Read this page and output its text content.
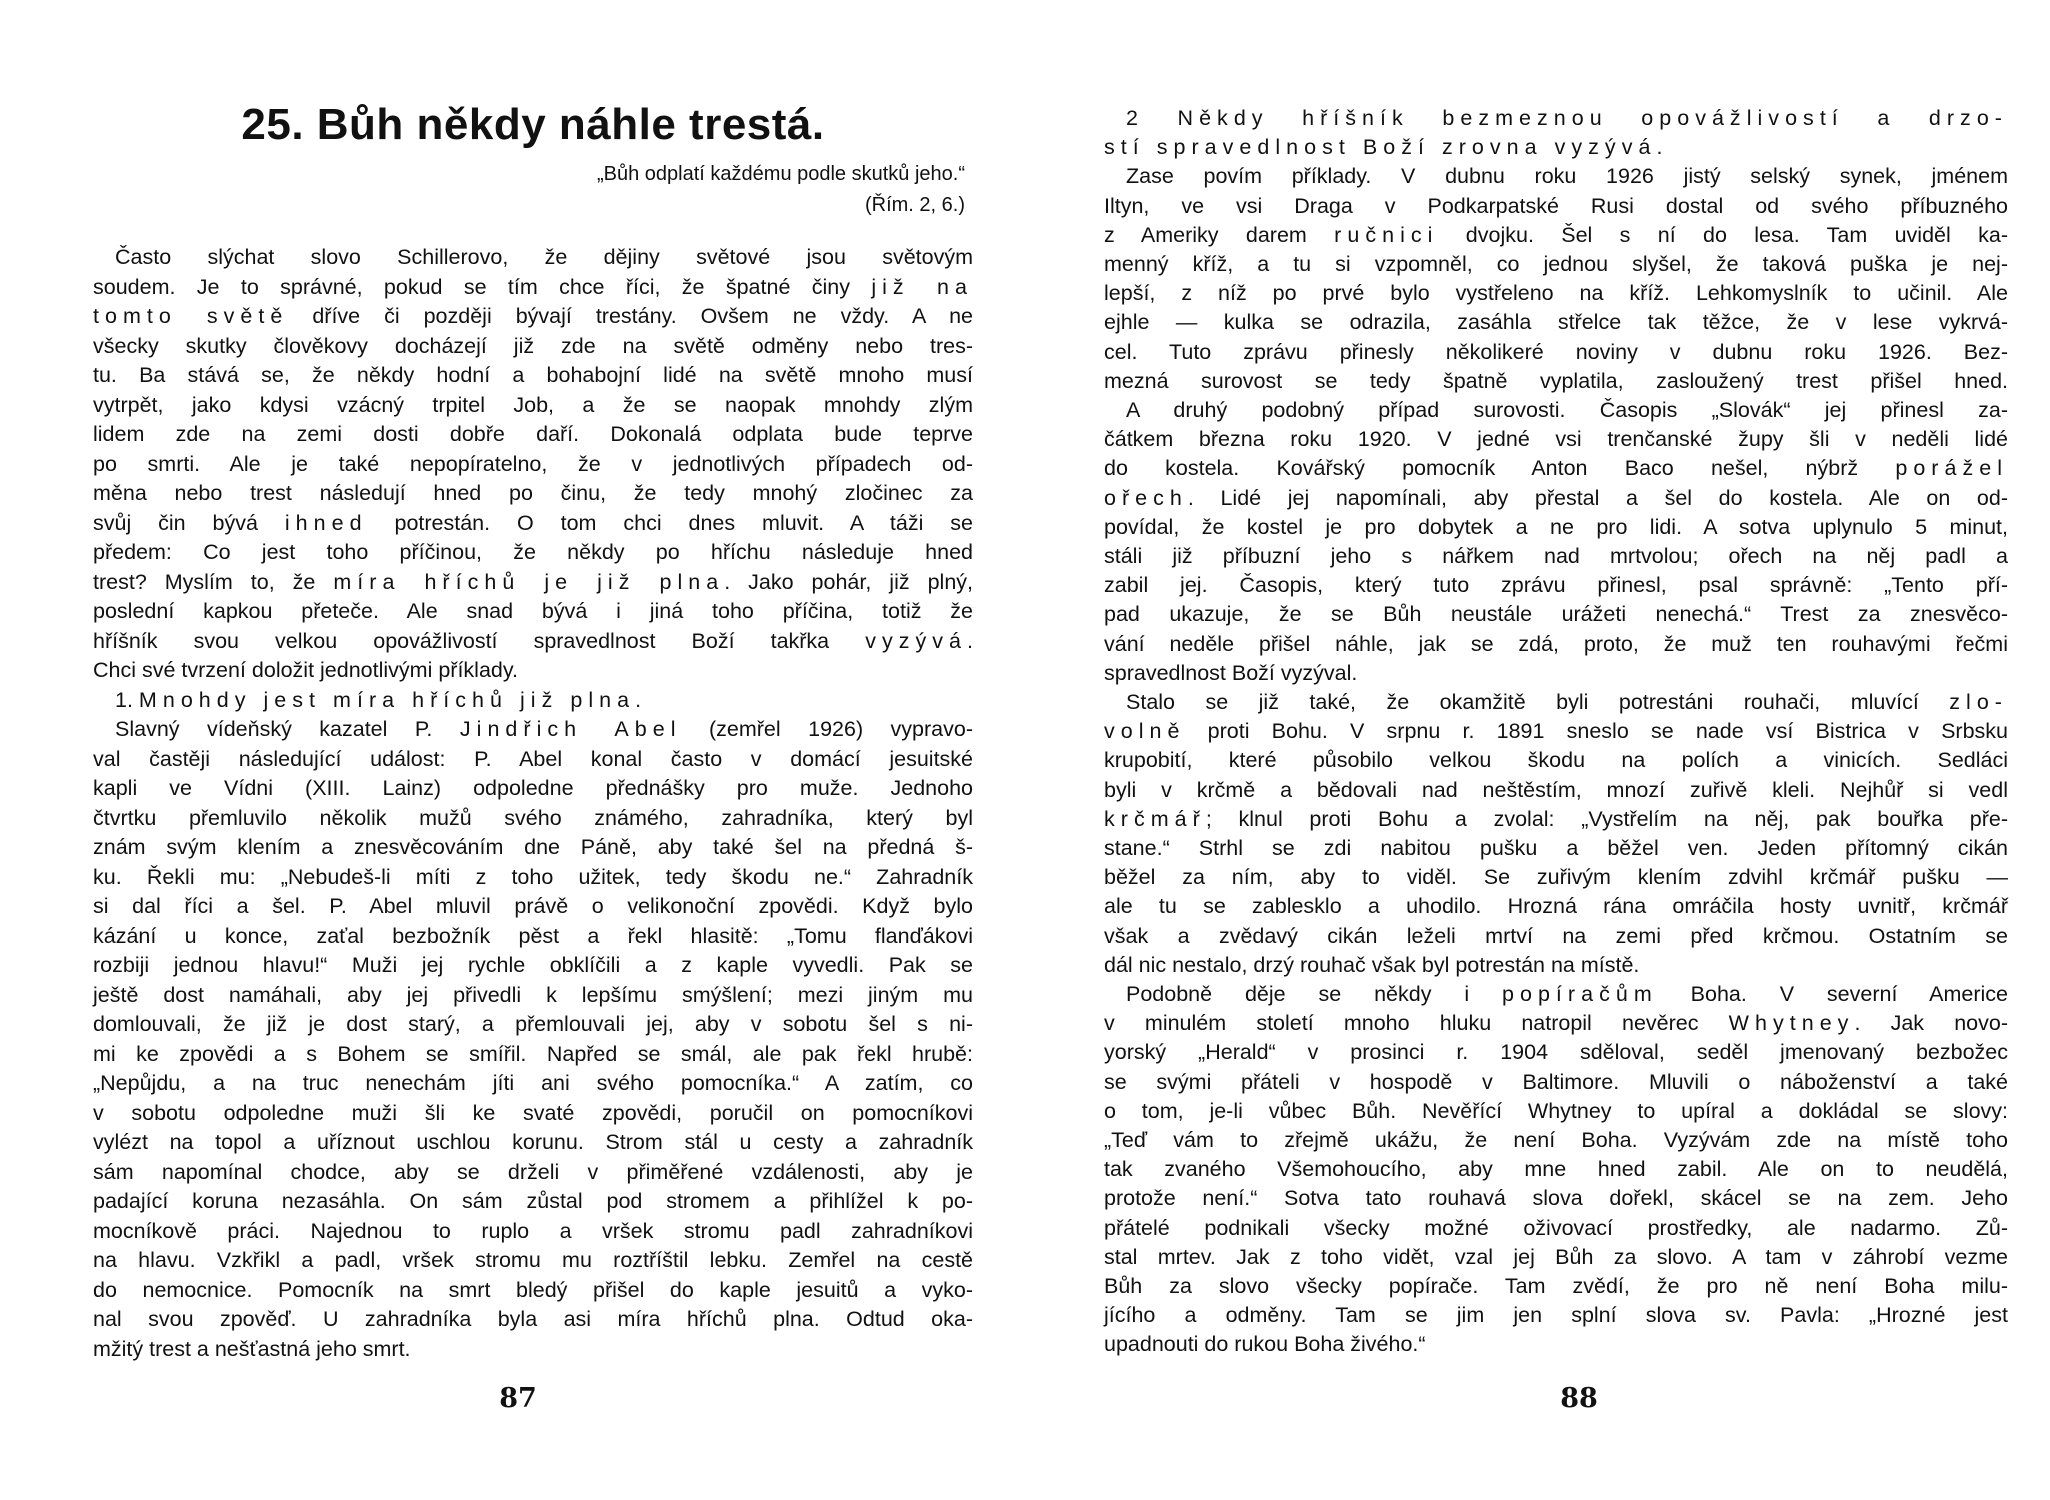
25. Bůh někdy náhle trestá.
„Bůh odplatí každému podle skutků jeho.“
(Řím. 2, 6.)
Často slýchat slovo Schillerovo, že dějiny světové jsou světovým
soudem. Je to správné, pokud se tím chce říci, že špatné činy již na
tomto světě dříve či později bývají trestány. Ovšem ne vždy. A ne
všecky skutky člověkovy docházejí již zde na světě odměny nebo tres-
tu. Ba stává se, že někdy hodní a bohabojní lidé na světě mnoho musí
vytrpět, jako kdysi vzácný trpitel Job, a že se naopak mnohdy zlým
lidem zde na zemi dosti dobře daří. Dokonalá odplata bude teprve
po smrti. Ale je také nepopíratelno, že v jednotlivých případech od-
měna nebo trest následují hned po činu, že tedy mnohý zločinec za
svůj čin bývá ihned potrestán. O tom chci dnes mluvit. A táži se
předem: Co jest toho příčinou, že někdy po hříchu následuje hned
trest? Myslím to, že míra hříchů je již plna. Jako pohár, již plný,
poslední kapkou přeteče. Ale snad bývá i jiná toho příčina, totiž že
hříšník svou velkou opovážlivostí spravedlnost Boží takřka vyzývá.
Chci své tvrzení doložit jednotlivými příklady.
1. Mnohdy jest míra hříchů již plna.
Slavný vídeňský kazatel P. Jindřich Abel (zemřel 1926) vypravo-
val častěji následující událost: P. Abel konal často v domácí jesuitské
kapli ve Vídni (XIII. Lainz) odpoledne přednášky pro muže. Jednoho
čtvrtku přemluvilo několik mužů svého známého, zahradníka, který byl
znám svým klením a znesvěcováním dne Páně, aby také šel na předná š-
ku. Řekli mu: „Nebudeš-li míti z toho užitek, tedy škodu ne.“ Zahradník
si dal říci a šel. P. Abel mluvil právě o velikonoční zpovědi. Když bylo
kázání u konce, zaťal bezbožník pěst a řekl hlasitě: „Tomu flanďákovi
rozbiji jednou hlavu!“ Muži jej rychle obklíčili a z kaple vyvedli. Pak se
ještě dost namáhali, aby jej přivedli k lepšímu smýšlení; mezi jiným mu
domlouvali, že již je dost starý, a přemlouvali jej, aby v sobotu šel s ni-
mi ke zpovědi a s Bohem se smířil. Napřed se smál, ale pak řekl hrubě:
„Nepůjdu, a na truc nenechám jíti ani svého pomocníka.“ A zatím, co
v sobotu odpoledne muži šli ke svaté zpovědi, poručil on pomocníkovi
vylézt na topol a uříznout uschlou korunu. Strom stál u cesty a zahradník
sám napomínal chodce, aby se drželi v přiměřené vzdálenosti, aby je
padající koruna nezasáhla. On sám zůstal pod stromem a přihlížel k po-
mocníkově práci. Najednou to ruplo a vršek stromu padl zahradníkovi
na hlavu. Vzkřikl a padl, vršek stromu mu roztříštil lebku. Zemřel na cestě
do nemocnice. Pomocník na smrt bledý přišel do kaple jesuitů a vyko-
nal svou zpověď. U zahradníka byla asi míra hříchů plna. Odtud oka-
mžitý trest a nešťastná jeho smrt.
87
2 Někdy hříšník bezmeznou opovážlivostí a drzo-
stí spravedlnost Boží zrovna vyzývá.
Zase povím příklady. V dubnu roku 1926 jistý selský synek, jménem
Iltyn, ve vsi Draga v Podkarpatské Rusi dostal od svého příbuzného
z Ameriky darem ručnici dvojku. Šel s ní do lesa. Tam uviděl ka-
menný kříž, a tu si vzpomněl, co jednou slyšel, že taková puška je nej-
lepší, z níž po prvé bylo vystřeleno na kříž. Lehkomyslník to učinil. Ale
ejhle — kulka se odrazila, zasáhla střelce tak těžce, že v lese vykrvá-
cel. Tuto zprávu přinesly několikeré noviny v dubnu roku 1926. Bez-
mezná surovost se tedy špatně vyplatila, zasloužený trest přišel hned.
A druhý podobný případ surovosti. Časopis „Slovák“ jej přinesl za-
čátkem března roku 1920. V jedné vsi trenčanské župy šli v neděli lidé
do kostela. Kovářský pomocník Anton Baco nešel, nýbrž porážel
ořech. Lidé jej napomínali, aby přestal a šel do kostela. Ale on od-
povídal, že kostel je pro dobytek a ne pro lidi. A sotva uplynulo 5 minut,
stáli již příbuzní jeho s nářkem nad mrtvolou; ořech na něj padl a
zabil jej. Časopis, který tuto zprávu přinesl, psal správně: „Tento pří-
pad ukazuje, že se Bůh neustále urážeti nenechá.“ Trest za znesvěco-
vání neděle přišel náhle, jak se zdá, proto, že muž ten rouhavými řečmi
spravedlnost Boží vyzýval.
Stalo se již také, že okamžitě byli potrestáni rouhači, mluvící zlo-
volně proti Bohu. V srpnu r. 1891 sneslo se nade vsí Bistrica v Srbsku
krupobití, které působilo velkou škodu na polích a vinicích. Sedláci
byli v krčmě a bědovali nad neštěstím, mnozí zuřivě kleli. Nejhůř si vedl
krčmář; klnul proti Bohu a zvolal: „Vystřelím na něj, pak bouřka pře-
stane.“ Strhl se zdi nabitou pušku a běžel ven. Jeden přítomný cikán
běžel za ním, aby to viděl. Se zuřivým klením zdvihl krčmář pušku —
ale tu se zablesklo a uhodilo. Hrozná rána omráčila hosty uvnitř, krčmář
však a zvědavý cikán leželi mrtví na zemi před krčmou. Ostatním se
dál nic nestalo, drzý rouhač však byl potrestán na místě.
Podobně děje se někdy i popíračům Boha. V severní Americe
v minulém století mnoho hluku natropil nevěrec Whytney. Jak novo-
yorský „Herald“ v prosinci r. 1904 sděloval, seděl jmenovaný bezbožec
se svými přáteli v hospodě v Baltimore. Mluvili o náboženství a také
o tom, je-li vůbec Bůh. Nevěřící Whytney to upíral a dokládal se slovy:
„Teď vám to zřejmě ukážu, že není Boha. Vyzývám zde na místě toho
tak zvaného Všemohoucího, aby mne hned zabil. Ale on to neudělá,
protože není.“ Sotva tato rouhavá slova dořekl, skácel se na zem. Jeho
přátelé podnikali všecky možné oživovací prostředky, ale nadarmo. Zů-
stal mrtev. Jak z toho vidět, vzal jej Bůh za slovo. A tam v záhrobí vezme
Bůh za slovo všecky popírače. Tam zvědí, že pro ně není Boha milu-
jícího a odměny. Tam se jim jen splní slova sv. Pavla: „Hrozné jest
upadnouti do rukou Boha živého.“
88
